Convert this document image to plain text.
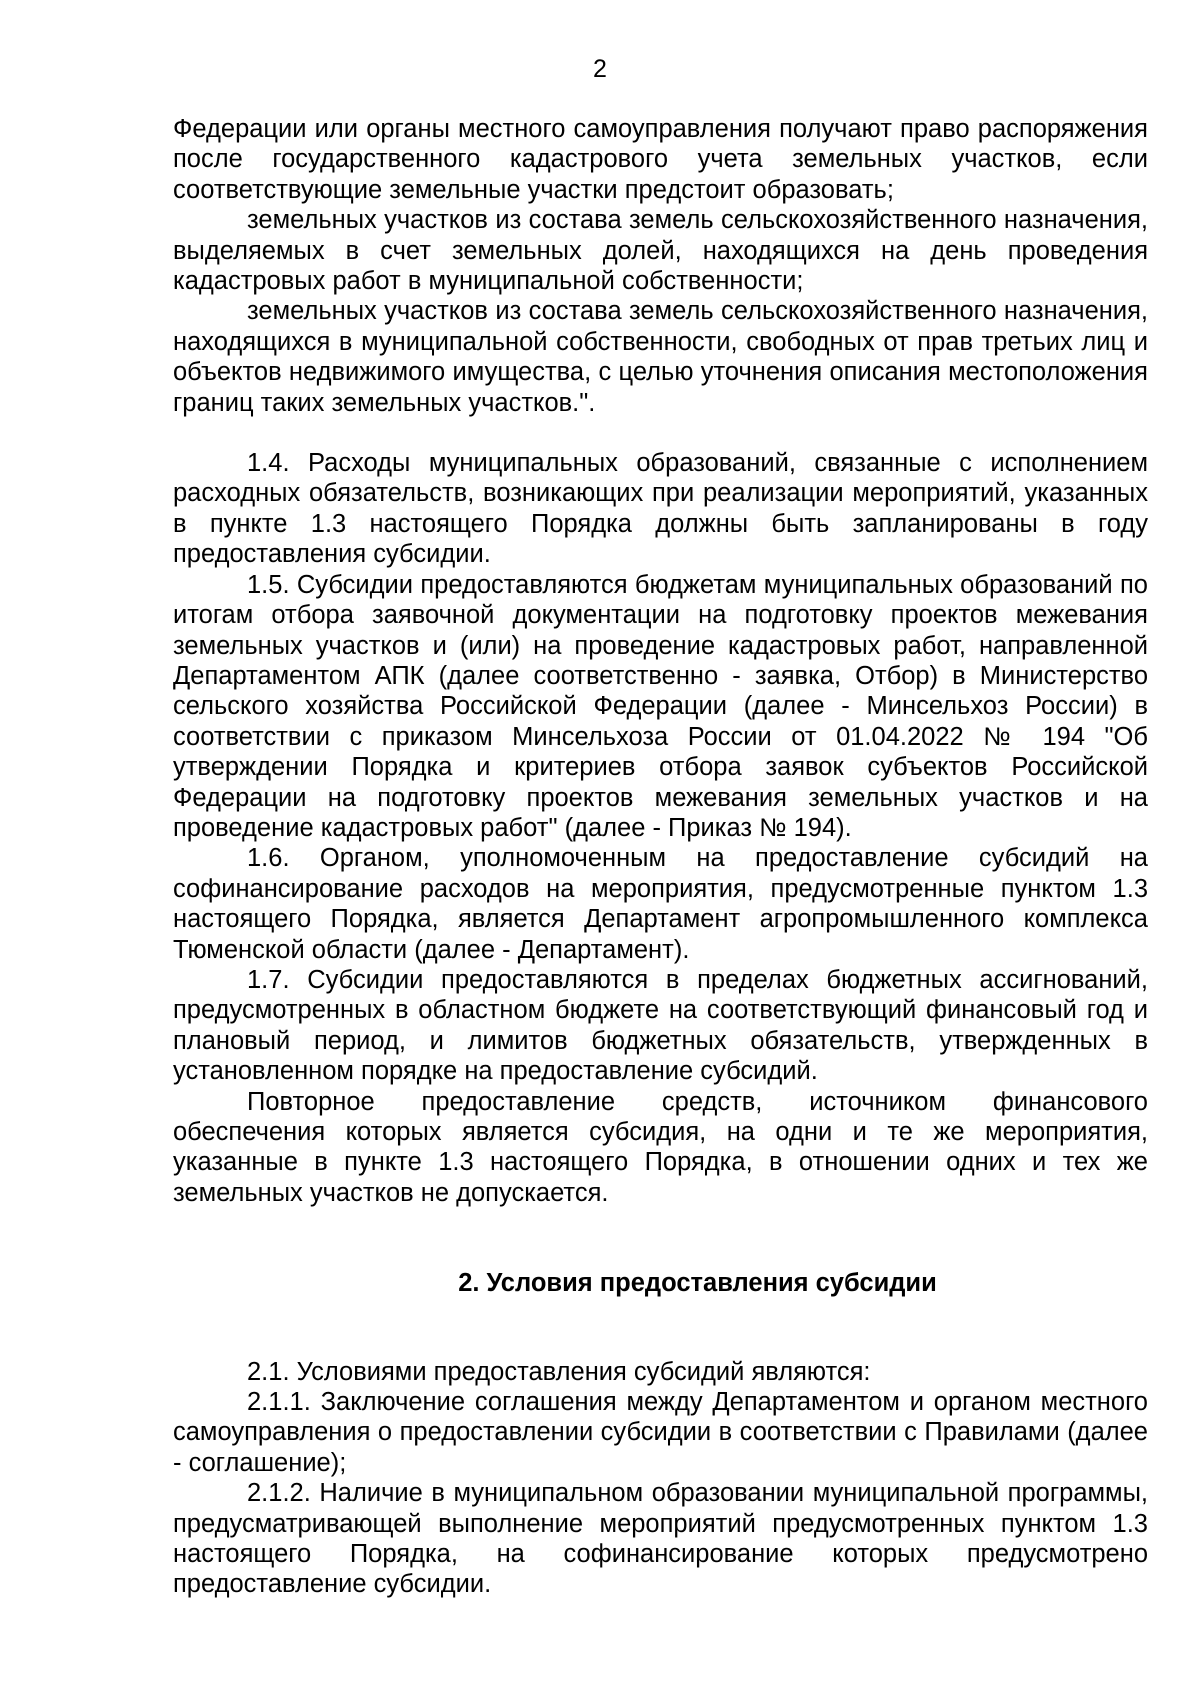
2

Федерации или органы местного самоуправления получают право распоряжения после государственного кадастрового учета земельных участков, если соответствующие земельные участки предстоит образовать;

земельных участков из состава земель сельскохозяйственного назначения, выделяемых в счет земельных долей, находящихся на день проведения кадастровых работ в муниципальной собственности;

земельных участков из состава земель сельскохозяйственного назначения, находящихся в муниципальной собственности, свободных от прав третьих лиц и объектов недвижимого имущества, с целью уточнения описания местоположения границ таких земельных участков.".

1.4. Расходы муниципальных образований, связанные с исполнением расходных обязательств, возникающих при реализации мероприятий, указанных в пункте 1.3 настоящего Порядка должны быть запланированы в году предоставления субсидии.

1.5. Субсидии предоставляются бюджетам муниципальных образований по итогам отбора заявочной документации на подготовку проектов межевания земельных участков и (или) на проведение кадастровых работ, направленной Департаментом АПК (далее соответственно - заявка, Отбор) в Министерство сельского хозяйства Российской Федерации (далее - Минсельхоз России) в соответствии с приказом Минсельхоза России от 01.04.2022 № 194 "Об утверждении Порядка и критериев отбора заявок субъектов Российской Федерации на подготовку проектов межевания земельных участков и на проведение кадастровых работ" (далее - Приказ № 194).

1.6. Органом, уполномоченным на предоставление субсидий на софинансирование расходов на мероприятия, предусмотренные пунктом 1.3 настоящего Порядка, является Департамент агропромышленного комплекса Тюменской области (далее - Департамент).

1.7. Субсидии предоставляются в пределах бюджетных ассигнований, предусмотренных в областном бюджете на соответствующий финансовый год и плановый период, и лимитов бюджетных обязательств, утвержденных в установленном порядке на предоставление субсидий.

Повторное предоставление средств, источником финансового обеспечения которых является субсидия, на одни и те же мероприятия, указанные в пункте 1.3 настоящего Порядка, в отношении одних и тех же земельных участков не допускается.

2. Условия предоставления субсидии

2.1. Условиями предоставления субсидий являются:

2.1.1. Заключение соглашения между Департаментом и органом местного самоуправления о предоставлении субсидии в соответствии с Правилами (далее - соглашение);

2.1.2. Наличие в муниципальном образовании муниципальной программы, предусматривающей выполнение мероприятий предусмотренных пунктом 1.3 настоящего Порядка, на софинансирование которых предусмотрено предоставление субсидии.
